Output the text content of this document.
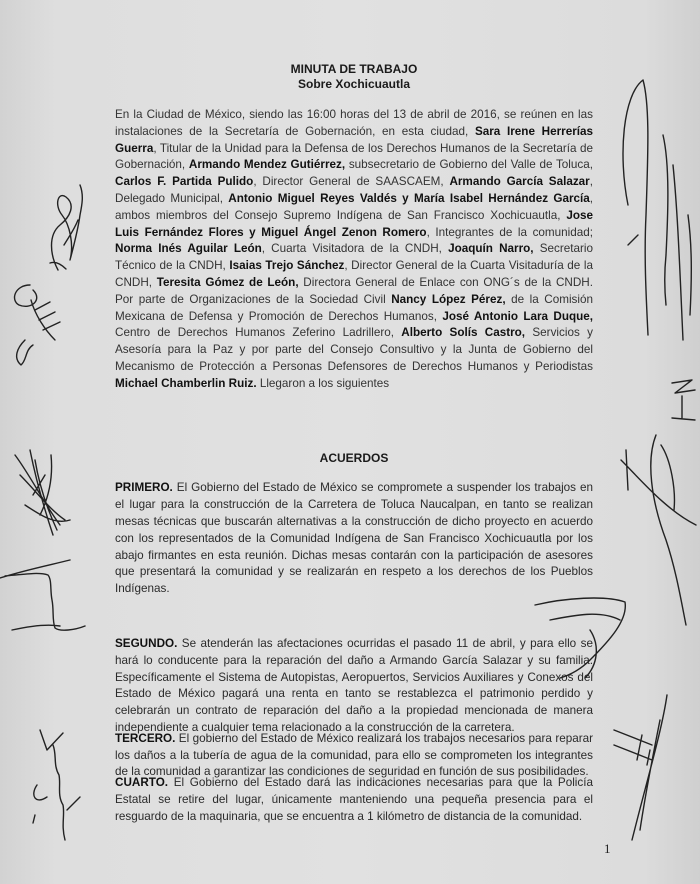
MINUTA DE TRABAJO
Sobre Xochicuautla

En la Ciudad de México, siendo las 16:00 horas del 13 de abril de 2016, se reúnen en las instalaciones de la Secretaría de Gobernación, en esta ciudad, Sara Irene Herrerías Guerra, Titular de la Unidad para la Defensa de los Derechos Humanos de la Secretaría de Gobernación, Armando Mendez Gutiérrez, subsecretario de Gobierno del Valle de Toluca, Carlos F. Partida Pulido, Director General de SAASCAEM, Armando García Salazar, Delegado Municipal, Antonio Miguel Reyes Valdés y María Isabel Hernández García, ambos miembros del Consejo Supremo Indígena de San Francisco Xochicuautla, Jose Luis Fernández Flores y Miguel Ángel Zenon Romero, Integrantes de la comunidad; Norma Inés Aguilar León, Cuarta Visitadora de la CNDH, Joaquín Narro, Secretario Técnico de la CNDH, Isaias Trejo Sánchez, Director General de la Cuarta Visitaduría de la CNDH, Teresita Gómez de León, Directora General de Enlace con ONG´s de la CNDH. Por parte de Organizaciones de la Sociedad Civil Nancy López Pérez, de la Comisión Mexicana de Defensa y Promoción de Derechos Humanos, José Antonio Lara Duque, Centro de Derechos Humanos Zeferino Ladrillero, Alberto Solís Castro, Servicios y Asesoría para la Paz y por parte del Consejo Consultivo y la Junta de Gobierno del Mecanismo de Protección a Personas Defensores de Derechos Humanos y Periodistas Michael Chamberlin Ruiz. Llegaron a los siguientes

ACUERDOS

PRIMERO. El Gobierno del Estado de México se compromete a suspender los trabajos en el lugar para la construcción de la Carretera de Toluca Naucalpan, en tanto se realizan mesas técnicas que buscarán alternativas a la construcción de dicho proyecto en acuerdo con los representados de la Comunidad Indígena de San Francisco Xochicuautla por los abajo firmantes en esta reunión. Dichas mesas contarán con la participación de asesores que presentará la comunidad y se realizarán en respeto a los derechos de los Pueblos Indígenas.

SEGUNDO. Se atenderán las afectaciones ocurridas el pasado 11 de abril, y para ello se hará lo conducente para la reparación del daño a Armando García Salazar y su familia. Específicamente el Sistema de Autopistas, Aeropuertos, Servicios Auxiliares y Conexos del Estado de México pagará una renta en tanto se restablezca el patrimonio perdido y celebrarán un contrato de reparación del daño a la propiedad mencionada de manera independiente a cualquier tema relacionado a la construcción de la carretera.

TERCERO. El gobierno del Estado de México realizará los trabajos necesarios para reparar los daños a la tubería de agua de la comunidad, para ello se comprometen los integrantes de la comunidad a garantizar las condiciones de seguridad en función de sus posibilidades.

CUARTO. El Gobierno del Estado dará las indicaciones necesarias para que la Policía Estatal se retire del lugar, únicamente manteniendo una pequeña presencia para el resguardo de la maquinaria, que se encuentra a 1 kilómetro de distancia de la comunidad.

1
